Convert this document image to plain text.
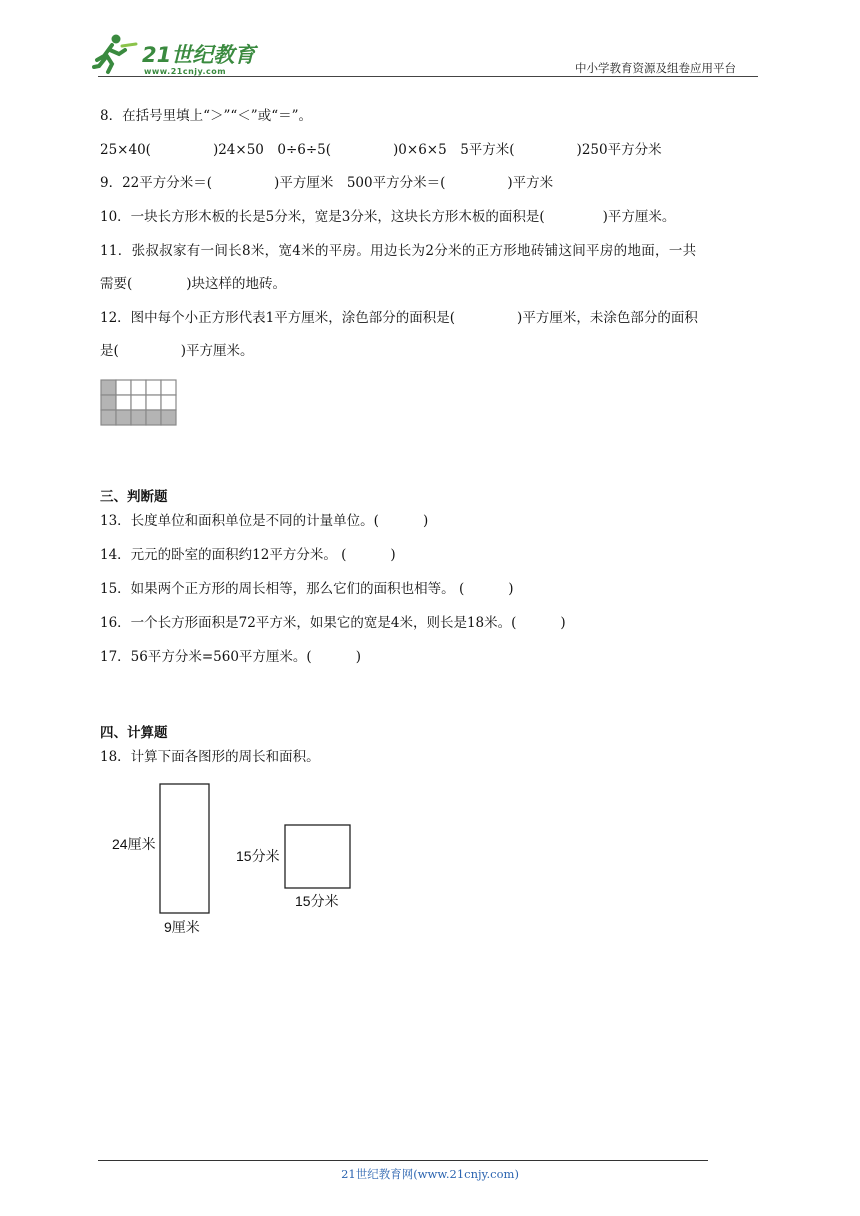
21世纪教育
www.21cnjy.com	中小学教育资源及组卷应用平台
8．在括号里填上“＞”“＜”或“＝”。
25×40(	)24×50　0÷6÷5(	)0×6×5　5平方米(	)250平方分米
9．22平方分米＝(	)平方厘米　500平方分米＝(	)平方米
10．一块长方形木板的长是5分米，宽是3分米，这块长方形木板的面积是(	)平方厘米。
11．张叔叔家有一间长8米，宽4米的平房。用边长为2分米的正方形地砖铺这间平房的地面，一共
需要(	)块这样的地砖。
12．图中每个小正方形代表1平方厘米，涂色部分的面积是(	)平方厘米，未涂色部分的面积
是(	)平方厘米。
三、判断题
13．长度单位和面积单位是不同的计量单位。(	)
14．元元的卧室的面积约12平方分米。 (	)
15．如果两个正方形的周长相等，那么它们的面积也相等。 (	)
16．一个长方形面积是72平方米，如果它的宽是4米，则长是18米。(	)
17．56平方分米=560平方厘米。(	)
四、计算题
18．计算下面各图形的周长和面积。
24厘米
9厘米
15分米
15分米
21世纪教育网(www.21cnjy.com)
